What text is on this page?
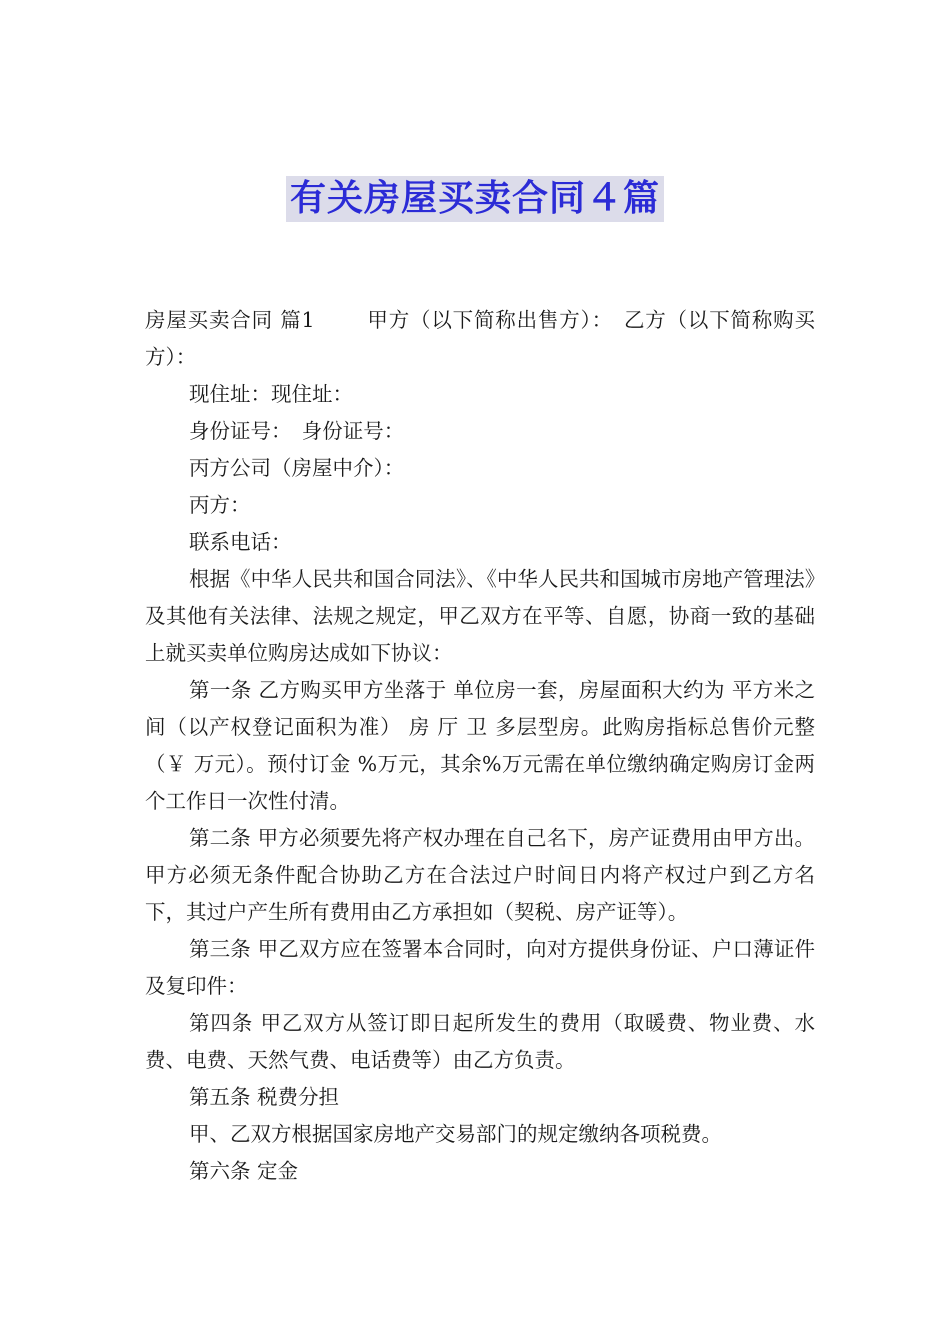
有关房屋买卖合同４篇

房屋买卖合同 篇1	甲方（以下简称出售方）：　乙方（以下简称购买方）：

现住址：现住址：

身份证号：　身份证号：

丙方公司（房屋中介）：

丙方：

联系电话：

根据《中华人民共和国合同法》、《中华人民共和国城市房地产管理法》及其他有关法律、法规之规定，甲乙双方在平等、自愿，协商一致的基础上就买卖单位购房达成如下协议：

第一条 乙方购买甲方坐落于 单位房一套，房屋面积大约为 平方米之间（以产权登记面积为准） 房 厅 卫 多层型房。此购房指标总售价元整（￥ 万元）。预付订金 %万元，其余%万元需在单位缴纳确定购房订金两个工作日一次性付清。

第二条 甲方必须要先将产权办理在自己名下，房产证费用由甲方出。甲方必须无条件配合协助乙方在合法过户时间日内将产权过户到乙方名下，其过户产生所有费用由乙方承担如（契税、房产证等）。

第三条 甲乙双方应在签署本合同时，向对方提供身份证、户口薄证件及复印件：

第四条 甲乙双方从签订即日起所发生的费用（取暖费、物业费、水费、电费、天然气费、电话费等）由乙方负责。

第五条 税费分担

甲、乙双方根据国家房地产交易部门的规定缴纳各项税费。

第六条 定金
